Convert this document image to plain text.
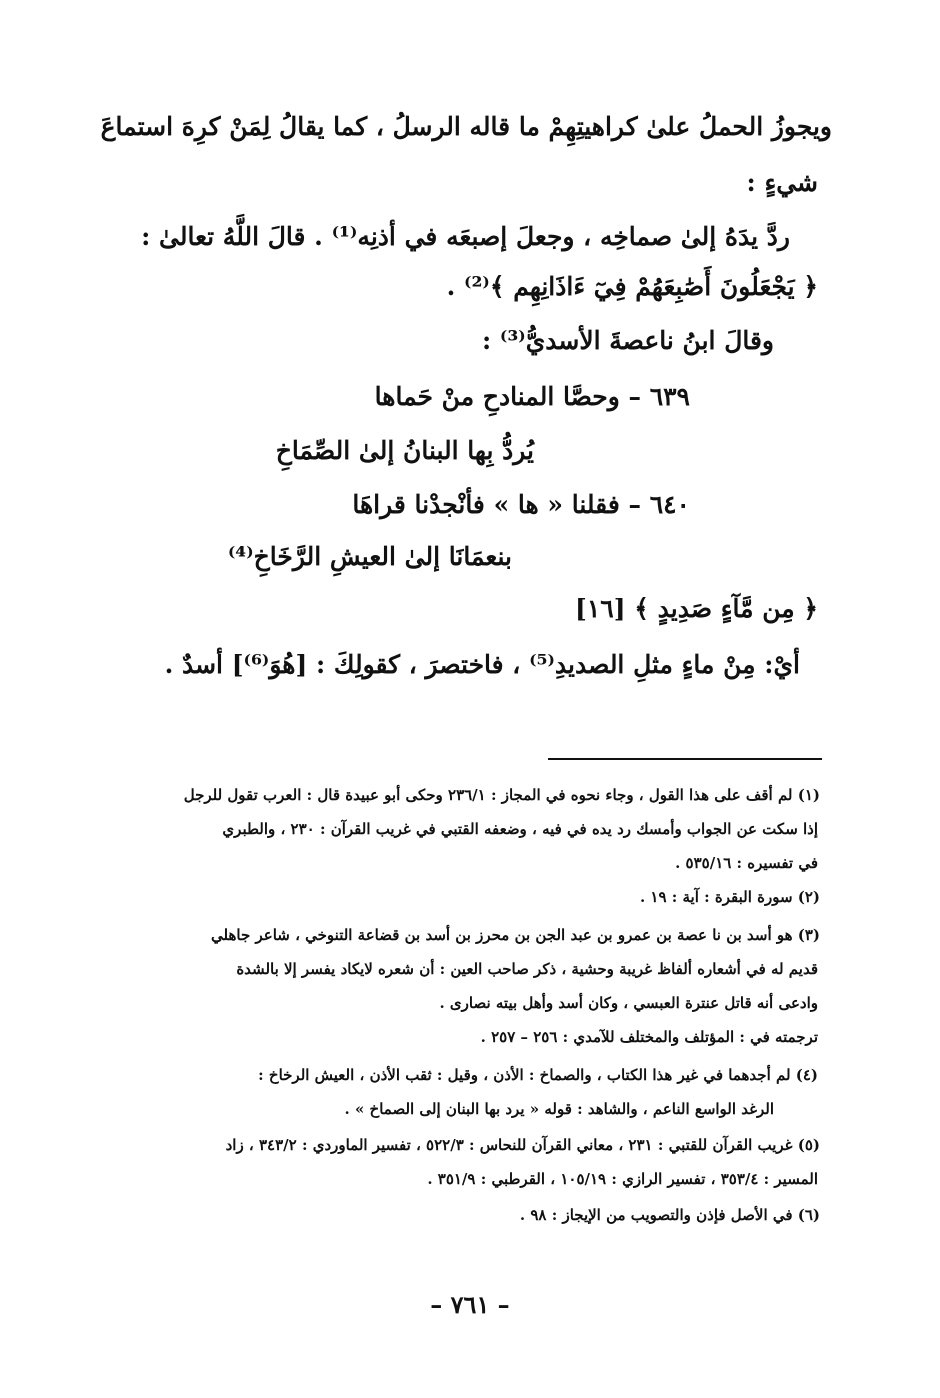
ويجوزُ الحملُ علىٰ كراهيتِهِمْ ما قاله الرسلُ ، كما يقالُ لِمَنْ كرِهَ استماعَ
شيءٍ :
ردَّ يدَهُ إلىٰ صماخِه ، وجعلَ إصبعَه في أذنِه⁽¹⁾ . قالَ اللَّهُ تعالىٰ :
﴿ يَجْعَلُونَ أَصَٰبِعَهُمْ فِيٓ ءَاذَانِهِم ﴾⁽²⁾ .
وقالَ ابنُ ناعصةَ الأسديُّ⁽³⁾ :
٦٣٩ – وحصَّا المنادحِ منْ حَماها
يُردُّ بِها البنانُ إلىٰ الصِّمَاخِ
٦٤٠ – فقلنا « ها » فأنْجدْنا قراهَا
بنعمَانَا إلىٰ العيشِ الرَّخَاخِ⁽⁴⁾
﴿ مِن مَّآءٍ صَدِيدٍ ﴾ [١٦]
أيْ: مِنْ ماءٍ مثلِ الصديدِ⁽⁵⁾ ، فاختصرَ ، كقولِكَ : [هُوَ⁽⁶⁾] أسدٌ .
(١) لم أقف على هذا القول ، وجاء نحوه في المجاز : ٢٣٦/١ وحكى أبو عبيدة قال : العرب تقول للرجل
إذا سكت عن الجواب وأمسك رد يده في فيه ، وضعفه القتبي في غريب القرآن : ٢٣٠ ، والطبري
في تفسيره : ٥٣٥/١٦ .
(٢) سورة البقرة : آية : ١٩ .
(٣) هو أسد بن نا عصة بن عمرو بن عبد الجن بن محرز بن أسد بن قضاعة التنوخي ، شاعر جاهلي
قديم له في أشعاره ألفاظ غريبة وحشية ، ذكر صاحب العين : أن شعره لايكاد يفسر إلا بالشدة
وادعى أنه قاتل عنترة العبسي ، وكان أسد وأهل بيته نصارى .
ترجمته في : المؤتلف والمختلف للآمدي : ٢٥٦ – ٢٥٧ .
(٤) لم أجدهما في غير هذا الكتاب ، والصماخ : الأذن ، وقيل : ثقب الأذن ، العيش الرخاخ :
الرغد الواسع الناعم ، والشاهد : قوله « يرد بها البنان إلى الصماخ » .
(٥) غريب القرآن للقتبي : ٢٣١ ، معاني القرآن للنحاس : ٥٢٢/٣ ، تفسير الماوردي : ٣٤٣/٢ ، زاد
المسير : ٣٥٣/٤ ، تفسير الرازي : ١٠٥/١٩ ، القرطبي : ٣٥١/٩ .
(٦) في الأصل فإذن والتصويب من الإيجاز : ٩٨ .
– ٧٦١ –
